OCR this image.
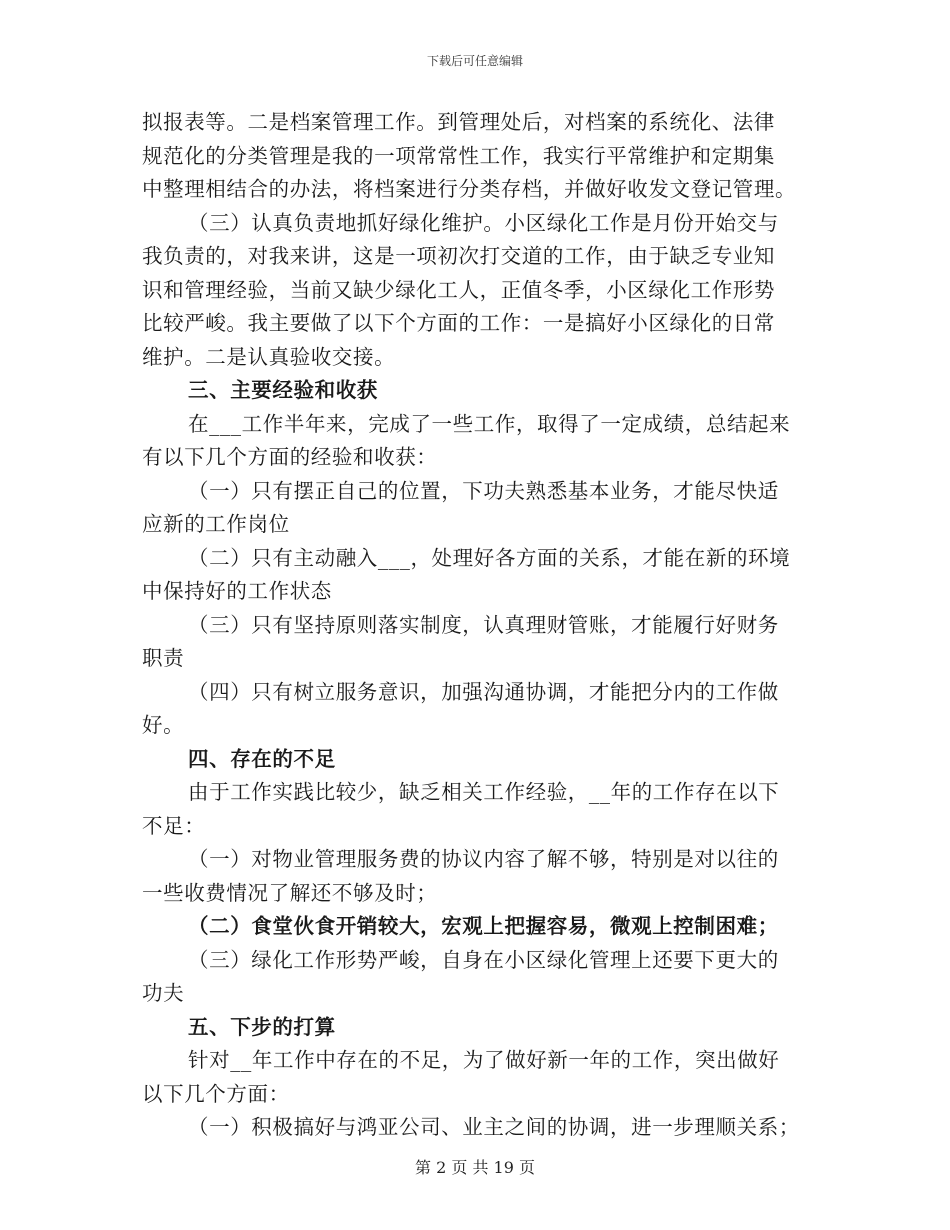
下载后可任意编辑
拟报表等。二是档案管理工作。到管理处后，对档案的系统化、法律
规范化的分类管理是我的一项常常性工作，我实行平常维护和定期集
中整理相结合的办法，将档案进行分类存档，并做好收发文登记管理。
（三）认真负责地抓好绿化维护。小区绿化工作是月份开始交与
我负责的，对我来讲，这是一项初次打交道的工作，由于缺乏专业知
识和管理经验，当前又缺少绿化工人，正值冬季，小区绿化工作形势
比较严峻。我主要做了以下个方面的工作：一是搞好小区绿化的日常
维护。二是认真验收交接。
三、主要经验和收获
在___工作半年来，完成了一些工作，取得了一定成绩，总结起来
有以下几个方面的经验和收获：
（一）只有摆正自己的位置，下功夫熟悉基本业务，才能尽快适
应新的工作岗位
（二）只有主动融入___，处理好各方面的关系，才能在新的环境
中保持好的工作状态
（三）只有坚持原则落实制度，认真理财管账，才能履行好财务
职责
（四）只有树立服务意识，加强沟通协调，才能把分内的工作做
好。
四、存在的不足
由于工作实践比较少，缺乏相关工作经验，__年的工作存在以下
不足：
（一）对物业管理服务费的协议内容了解不够，特别是对以往的
一些收费情况了解还不够及时；
（二）食堂伙食开销较大，宏观上把握容易，微观上控制困难；
（三）绿化工作形势严峻，自身在小区绿化管理上还要下更大的
功夫
五、下步的打算
针对__年工作中存在的不足，为了做好新一年的工作，突出做好
以下几个方面：
（一）积极搞好与鸿亚公司、业主之间的协调，进一步理顺关系；
第 2 页 共 19 页
